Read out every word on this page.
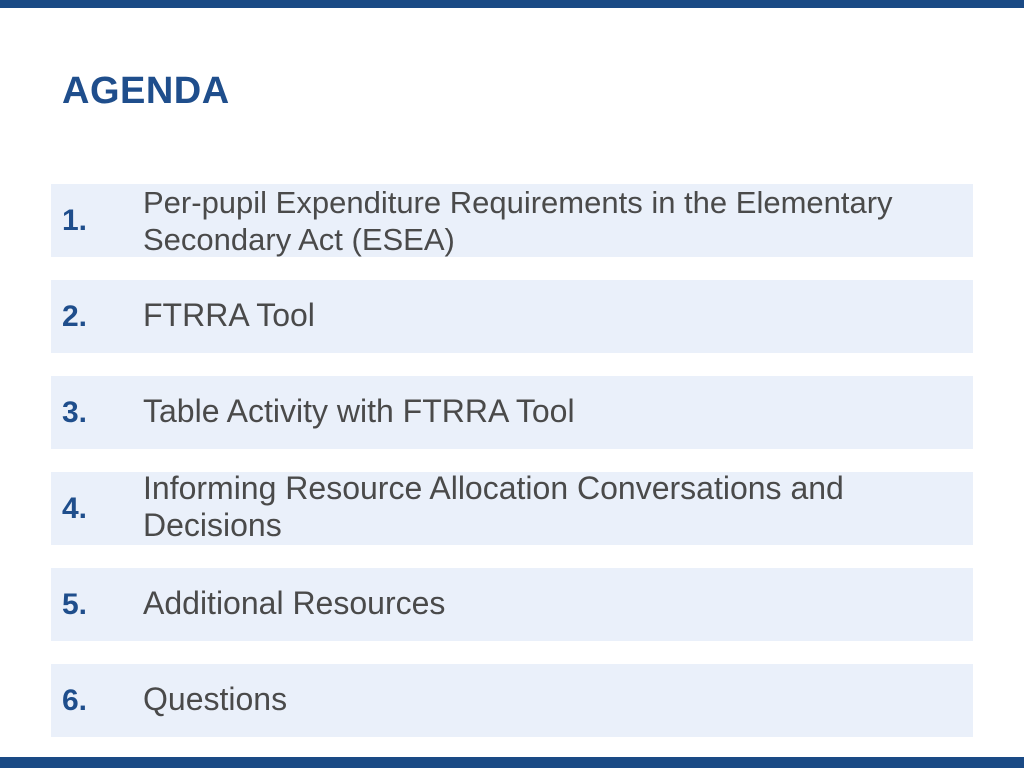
AGENDA
1.
Per-pupil Expenditure Requirements in the Elementary Secondary Act (ESEA)
2.	FTRRA Tool
3.	Table Activity with FTRRA Tool
4.
Informing Resource Allocation Conversations and Decisions
5.	Additional Resources
6.	Questions
